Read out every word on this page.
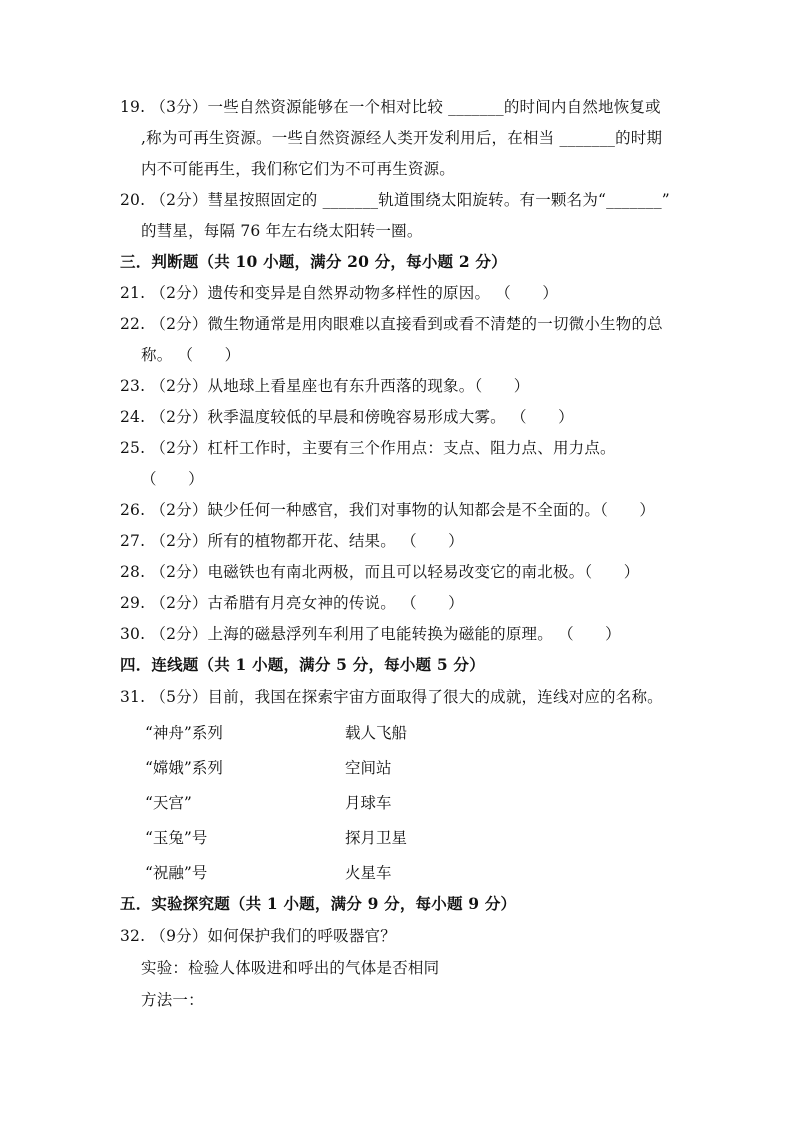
19. （3分）一些自然资源能够在一个相对比较 _______的时间内自然地恢复或
,称为可再生资源。一些自然资源经人类开发利用后，在相当 _______的时期
内不可能再生，我们称它们为不可再生资源。
20. （2分）彗星按照固定的 _______轨道围绕太阳旋转。有一颗名为“_______”
的彗星，每隔 76 年左右绕太阳转一圈。
三．判断题（共 10 小题，满分 20 分，每小题 2 分）
21. （2分）遗传和变异是自然界动物多样性的原因。 （　　）
22. （2分）微生物通常是用肉眼难以直接看到或看不清楚的一切微小生物的总
称。 （　　）
23. （2分）从地球上看星座也有东升西落的现象。（　　）
24. （2分）秋季温度较低的早晨和傍晚容易形成大雾。 （　　）
25. （2分）杠杆工作时，主要有三个作用点：支点、阻力点、用力点。
（　　）
26. （2分）缺少任何一种感官，我们对事物的认知都会是不全面的。（　　）
27. （2分）所有的植物都开花、结果。 （　　）
28. （2分）电磁铁也有南北两极，而且可以轻易改变它的南北极。（　　）
29. （2分）古希腊有月亮女神的传说。 （　　）
30. （2分）上海的磁悬浮列车利用了电能转换为磁能的原理。 （　　）
四．连线题（共 1 小题，满分 5 分，每小题 5 分）
31. （5分）目前，我国在探索宇宙方面取得了很大的成就，连线对应的名称。
“神舟”系列	载人飞船
“嫦娥”系列	空间站
“天宫”	月球车
“玉兔”号	探月卫星
“祝融”号	火星车
五．实验探究题（共 1 小题，满分 9 分，每小题 9 分）
32. （9分）如何保护我们的呼吸器官？
实验：检验人体吸进和呼出的气体是否相同
方法一：
